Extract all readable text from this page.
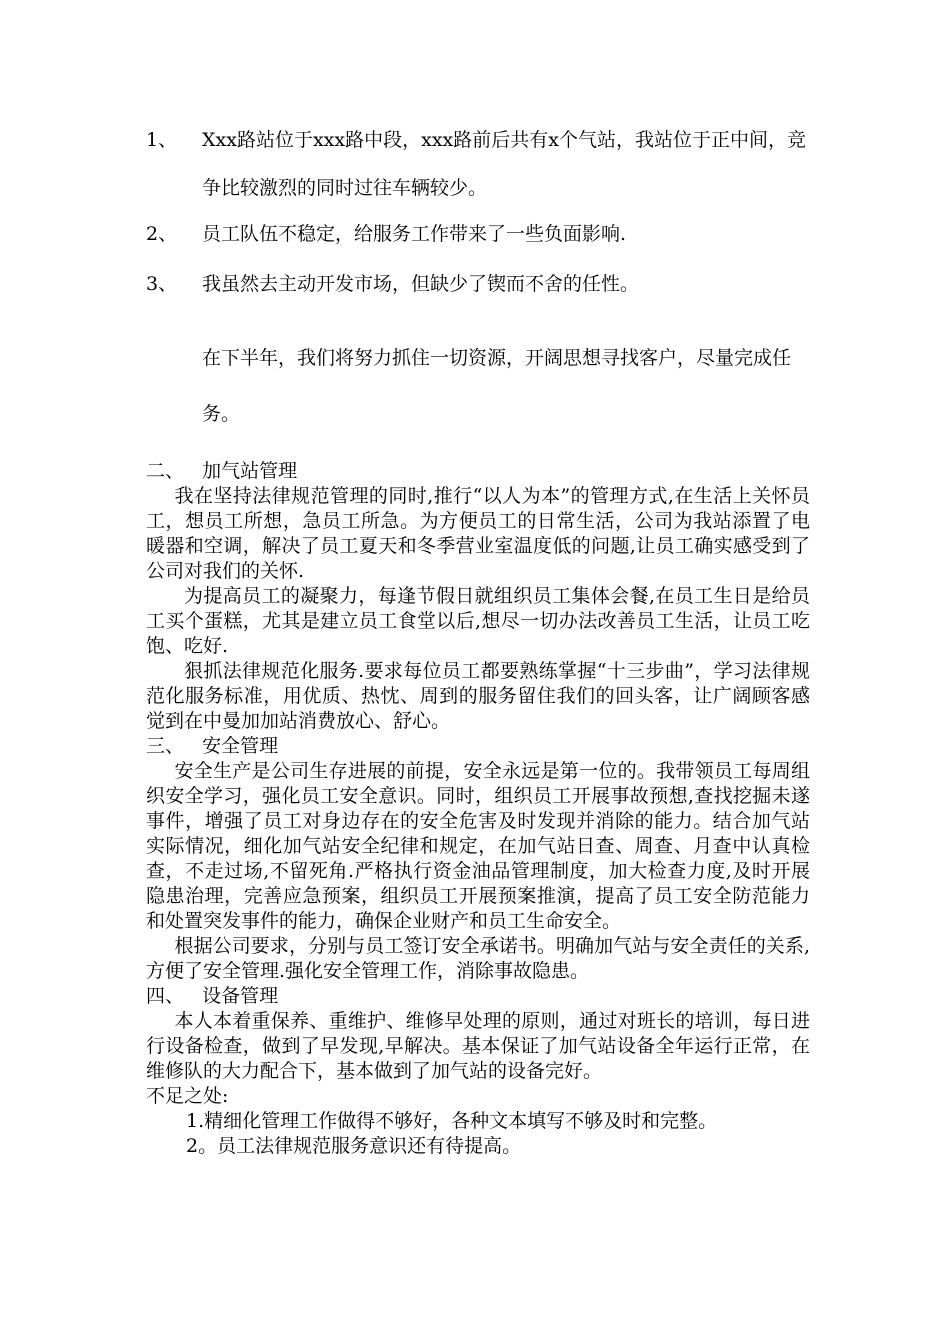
1、	Xxx路站位于xxx路中段，xxx路前后共有x个气站，我站位于正中间，竞争比较激烈的同时过往车辆较少。
2、	员工队伍不稳定，给服务工作带来了一些负面影响.
3、	我虽然去主动开发市场，但缺少了锲而不舍的任性。
在下半年，我们将努力抓住一切资源，开阔思想寻找客户，尽量完成任务。

二、   加气站管理

我在坚持法律规范管理的同时,推行“以人为本”的管理方式,在生活上关怀员工，想员工所想，急员工所急。为方便员工的日常生活，公司为我站添置了电暖器和空调，解决了员工夏天和冬季营业室温度低的问题,让员工确实感受到了公司对我们的关怀.

为提高员工的凝聚力，每逢节假日就组织员工集体会餐,在员工生日是给员工买个蛋糕，尤其是建立员工食堂以后,想尽一切办法改善员工生活，让员工吃饱、吃好.

狠抓法律规范化服务.要求每位员工都要熟练掌握“十三步曲”，学习法律规范化服务标准，用优质、热忱、周到的服务留住我们的回头客，让广阔顾客感觉到在中曼加加站消费放心、舒心。

三、   安全管理

安全生产是公司生存进展的前提，安全永远是第一位的。我带领员工每周组织安全学习，强化员工安全意识。同时，组织员工开展事故预想,查找挖掘未遂事件，增强了员工对身边存在的安全危害及时发现并消除的能力。结合加气站实际情况，细化加气站安全纪律和规定，在加气站日查、周查、月查中认真检查，不走过场,不留死角.严格执行资金油品管理制度，加大检查力度,及时开展隐患治理，完善应急预案，组织员工开展预案推演，提高了员工安全防范能力和处置突发事件的能力，确保企业财产和员工生命安全。

根据公司要求，分别与员工签订安全承诺书。明确加气站与安全责任的关系,方便了安全管理.强化安全管理工作，消除事故隐患。

四、   设备管理

本人本着重保养、重维护、维修早处理的原则，通过对班长的培训，每日进行设备检查，做到了早发现,早解决。基本保证了加气站设备全年运行正常，在维修队的大力配合下，基本做到了加气站的设备完好。

不足之处:

1.精细化管理工作做得不够好，各种文本填写不够及时和完整。

2。员工法律规范服务意识还有待提高。
